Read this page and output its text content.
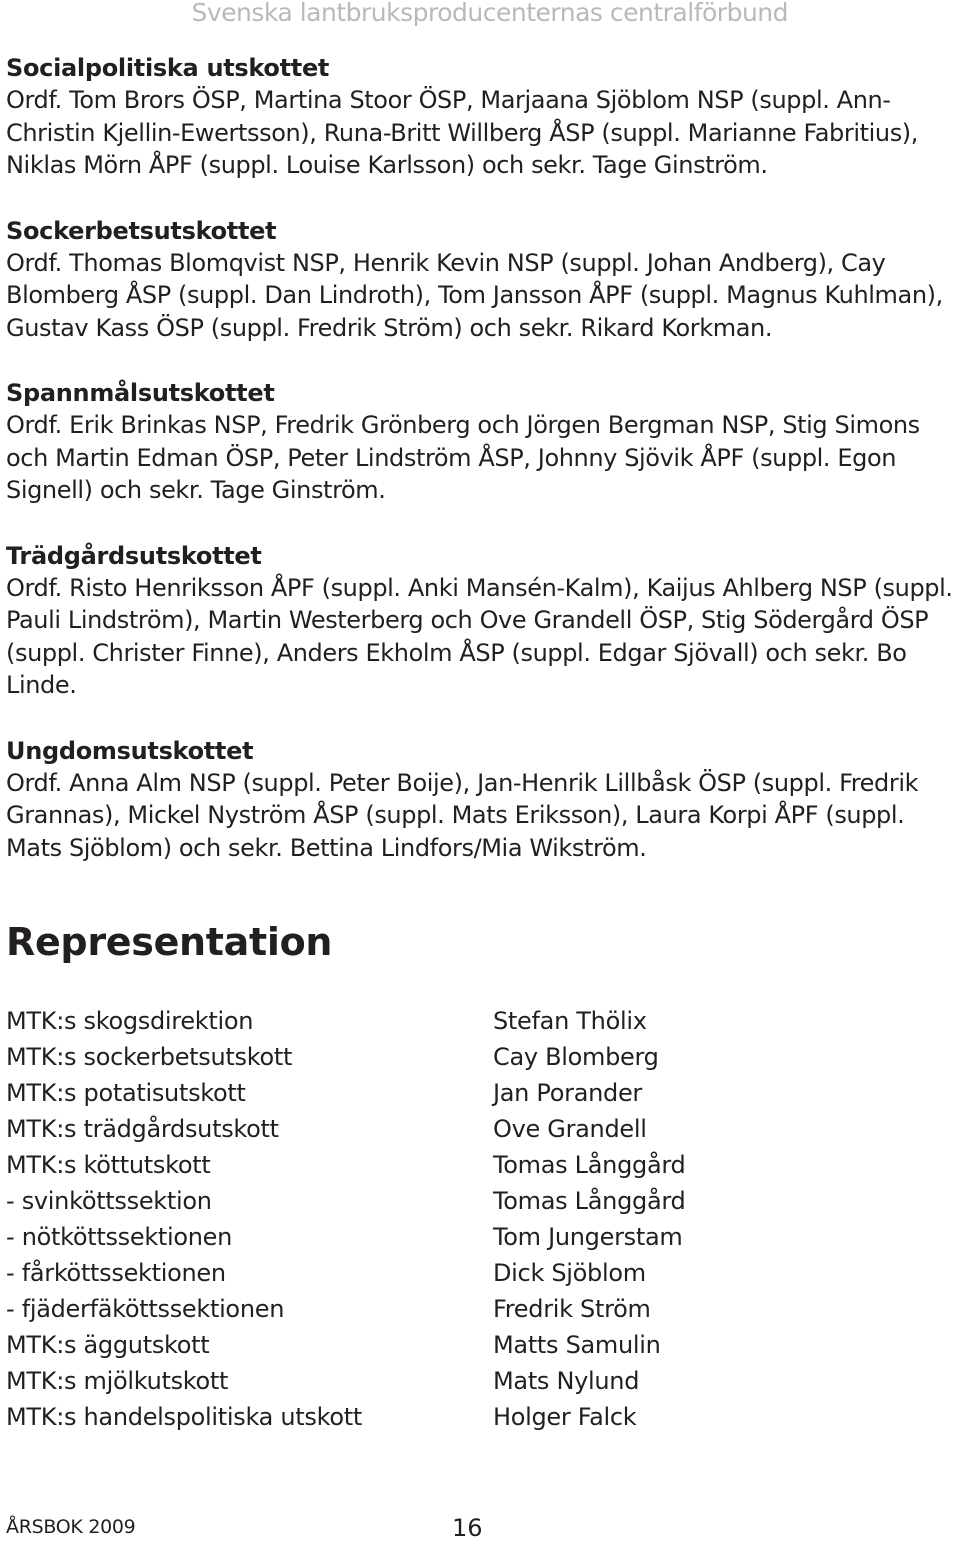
Svenska lantbruksproducenternas centralförbund
Socialpolitiska utskottet

Ordf. Tom Brors ÖSP, Martina Stoor ÖSP, Marjaana Sjöblom NSP (suppl. Ann-Christin Kjellin-Ewertsson), Runa-Britt Willberg ÅSP (suppl. Marianne Fabritius), Niklas Mörn ÅPF (suppl. Louise Karlsson) och sekr. Tage Ginström.

Sockerbetsutskottet

Ordf. Thomas Blomqvist NSP, Henrik Kevin NSP (suppl. Johan Andberg), Cay Blomberg ÅSP (suppl. Dan Lindroth), Tom Jansson ÅPF (suppl. Magnus Kuhlman), Gustav Kass ÖSP (suppl. Fredrik Ström) och sekr. Rikard Korkman.

Spannmålsutskottet

Ordf. Erik Brinkas NSP, Fredrik Grönberg och Jörgen Bergman NSP, Stig Simons och Martin Edman ÖSP, Peter Lindström ÅSP, Johnny Sjövik ÅPF (suppl. Egon Signell) och sekr. Tage Ginström.

Trädgårdsutskottet

Ordf. Risto Henriksson ÅPF (suppl. Anki Mansén-Kalm), Kaijus Ahlberg NSP (suppl. Pauli Lindström), Martin Westerberg och Ove Grandell ÖSP, Stig Södergård ÖSP (suppl. Christer Finne), Anders Ekholm ÅSP (suppl. Edgar Sjövall) och sekr. Bo Linde.

Ungdomsutskottet

Ordf. Anna Alm NSP (suppl. Peter Boije), Jan-Henrik Lillbåsk ÖSP (suppl. Fredrik Grannas), Mickel Nyström ÅSP (suppl. Mats Eriksson), Laura Korpi ÅPF (suppl. Mats Sjöblom) och sekr. Bettina Lindfors/Mia Wikström.

Representation
MTK:s skogsdirektion	Stefan Thölix
MTK:s sockerbetsutskott	Cay Blomberg
MTK:s potatisutskott	Jan Porander
MTK:s trädgårdsutskott	Ove Grandell
MTK:s köttutskott	Tomas Långgård
- svinköttssektion	Tomas Långgård
- nötköttssektionen	Tom Jungerstam
- fårköttssektionen	Dick Sjöblom
- fjäderfäköttssektionen	Fredrik Ström
MTK:s äggutskott	Matts Samulin
MTK:s mjölkutskott	Mats Nylund
MTK:s handelspolitiska utskott	Holger Falck
ÅRSBOK 2009	16
